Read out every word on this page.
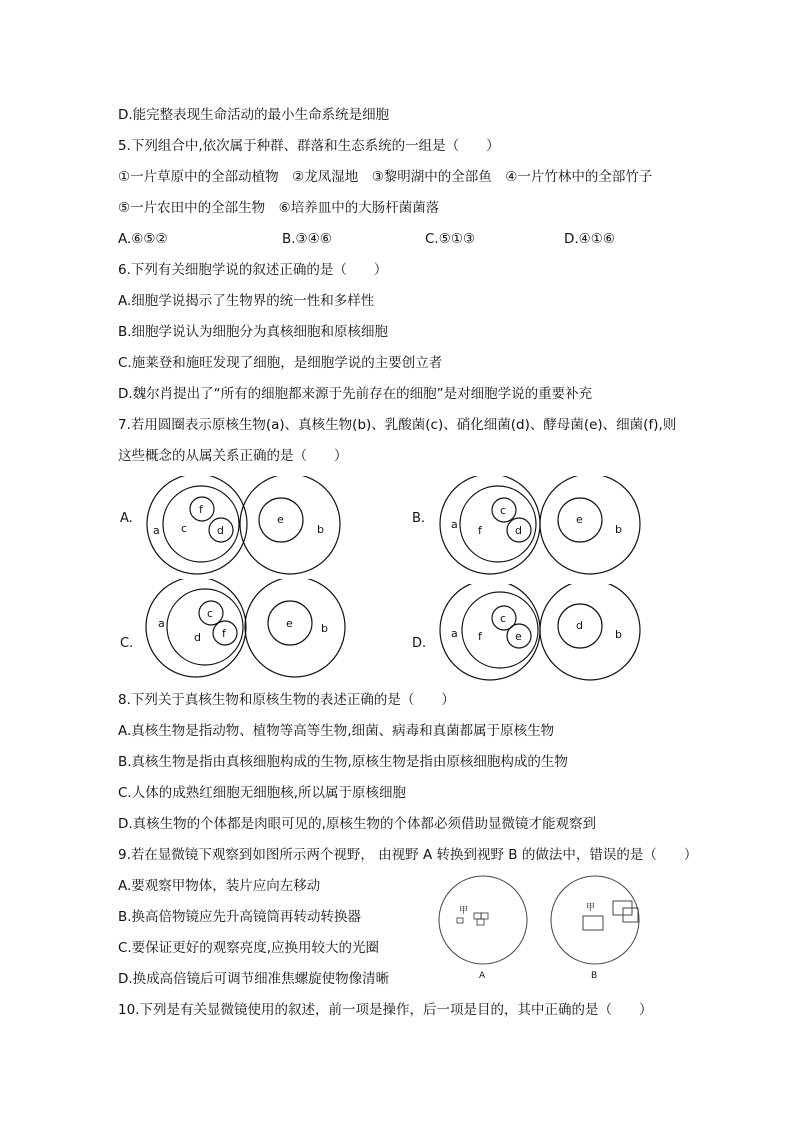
D.能完整表现生命活动的最小生命系统是细胞
5.下列组合中,依次属于种群、群落和生态系统的一组是（　　）
①一片草原中的全部动植物　②龙凤湿地　③黎明湖中的全部鱼　④一片竹林中的全部竹子
⑤一片农田中的全部生物　⑥培养皿中的大肠杆菌菌落
A.⑥⑤②	B.③④⑥	C.⑤①③	D.④①⑥
6.下列有关细胞学说的叙述正确的是（　　）
A.细胞学说揭示了生物界的统一性和多样性
B.细胞学说认为细胞分为真核细胞和原核细胞
C.施莱登和施旺发现了细胞，是细胞学说的主要创立者
D.魏尔肖提出了“所有的细胞都来源于先前存在的细胞”是对细胞学说的重要补充
7.若用圆圈表示原核生物(a)、真核生物(b)、乳酸菌(c)、硝化细菌(d)、酵母菌(e)、细菌(f),则
这些概念的从属关系正确的是（　　）
A.
a c
f
d
e
b
B. a f
c
d
e
b
C.
a
d
c
f
e	b
D.
a f
c
e
d
b
8.下列关于真核生物和原核生物的表述正确的是（　　）
A.真核生物是指动物、植物等高等生物,细菌、病毒和真菌都属于原核生物
B.真核生物是指由真核细胞构成的生物,原核生物是指由原核细胞构成的生物
C.人体的成熟红细胞无细胞核,所以属于原核细胞
D.真核生物的个体都是肉眼可见的,原核生物的个体都必须借助显微镜才能观察到
9.若在显微镜下观察到如图所示两个视野， 由视野 A 转换到视野 B 的做法中，错误的是（　　）
A.要观察甲物体，装片应向左移动
B.换高倍物镜应先升高镜筒再转动转换器
C.要保证更好的观察亮度,应换用较大的光圈
D.换成高倍镜后可调节细准焦螺旋使物像清晰
甲
A
甲
B
10.下列是有关显微镜使用的叙述，前一项是操作，后一项是目的，其中正确的是（　　）
